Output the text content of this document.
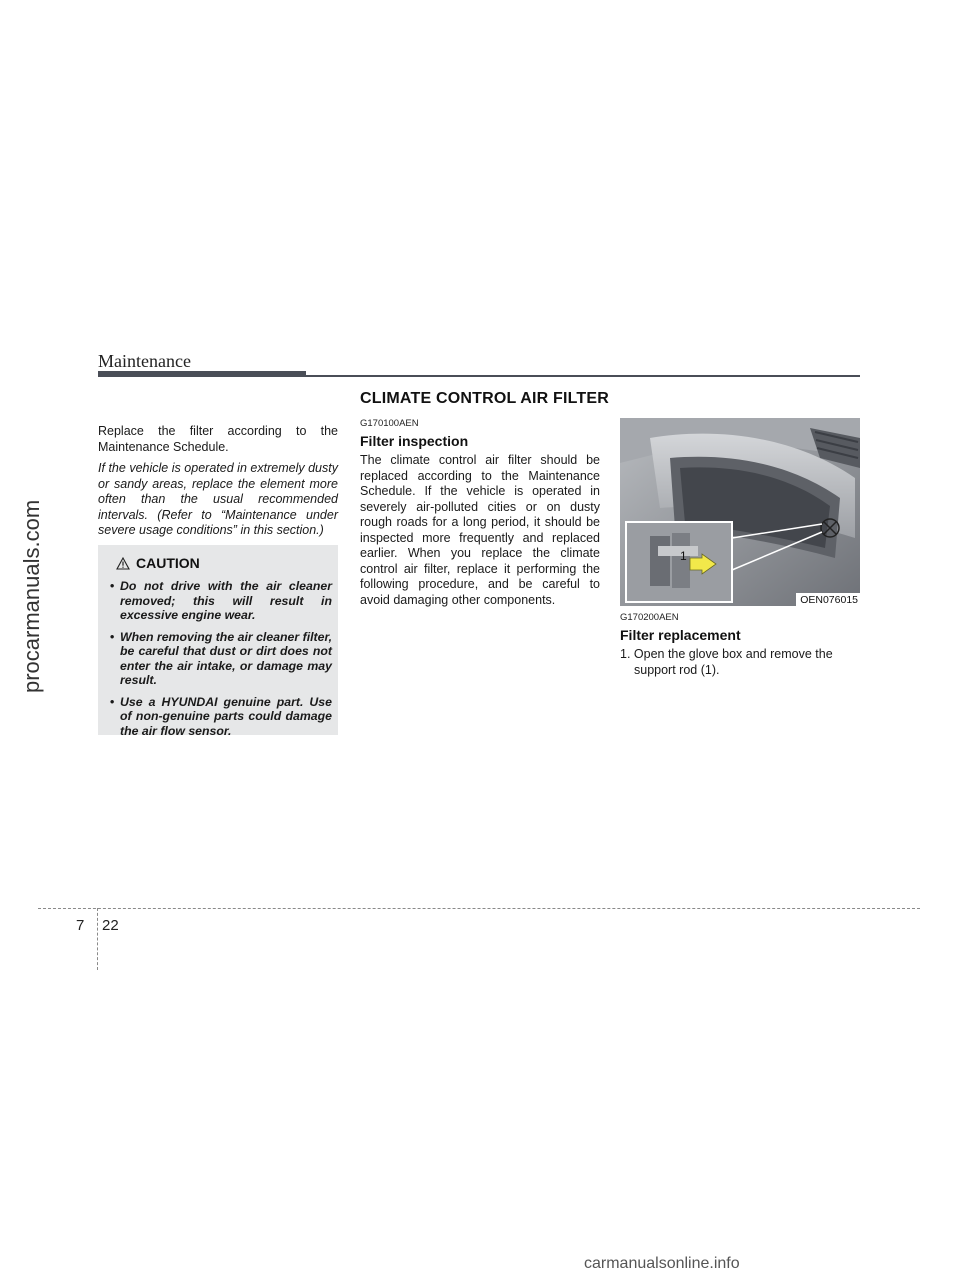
Maintenance
CLIMATE CONTROL AIR FILTER

Replace the filter according to the Maintenance Schedule.

If the vehicle is operated in extremely dusty or sandy areas, replace the element more often than the usual recommended intervals. (Refer to “Maintenance under severe usage conditions” in this section.)

CAUTION
• Do not drive with the air cleaner removed; this will result in excessive engine wear.
• When removing the air cleaner filter, be careful that dust or dirt does not enter the air intake, or damage may result.
• Use a HYUNDAI genuine part. Use of non-genuine parts could damage the air flow sensor.

G170100AEN

Filter inspection

The climate control air filter should be replaced according to the Maintenance Schedule. If the vehicle is operated in severely air-polluted cities or on dusty rough roads for a long period, it should be inspected more frequently and replaced earlier. When you replace the climate control air filter, replace it performing the following procedure, and be careful to avoid damaging other components.

1
OEN076015

G170200AEN

Filter replacement

1. Open the glove box and remove the support rod (1).

7 22
procarmanuals.com
carmanualsonline.info
